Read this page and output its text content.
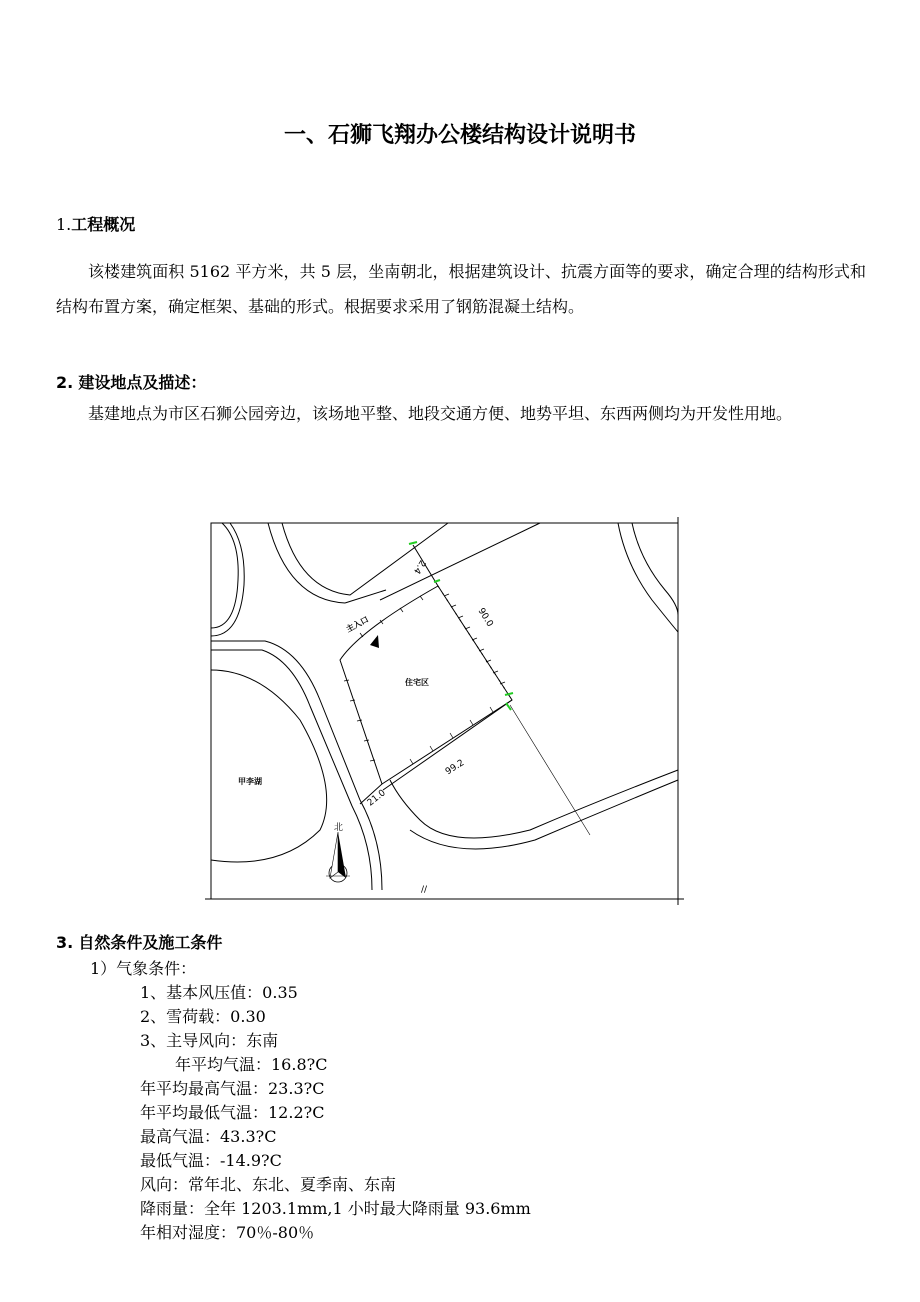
一、石狮飞翔办公楼结构设计说明书
1.工程概况
该楼建筑面积 5162 平方米，共 5 层，坐南朝北，根据建筑设计、抗震方面等的要求，确定合理的结构形式和结构布置方案，确定框架、基础的形式。根据要求采用了钢筋混凝土结构。
2. 建设地点及描述：
基建地点为市区石狮公园旁边，该场地平整、地段交通方便、地势平坦、东西两侧均为开发性用地。
主入口
住宅区
甲李湖
北
2.4
90.0
99.2
21.0
//
3. 自然条件及施工条件
1）气象条件：
1、基本风压值：0.35
2、雪荷载：0.30
3、主导风向：东南
年平均气温：16.8?C
年平均最高气温：23.3?C
年平均最低气温：12.2?C
最高气温：43.3?C
最低气温：-14.9?C
风向：常年北、东北、夏季南、东南
降雨量：全年 1203.1mm,1 小时最大降雨量 93.6mm
年相对湿度：70％-80％
